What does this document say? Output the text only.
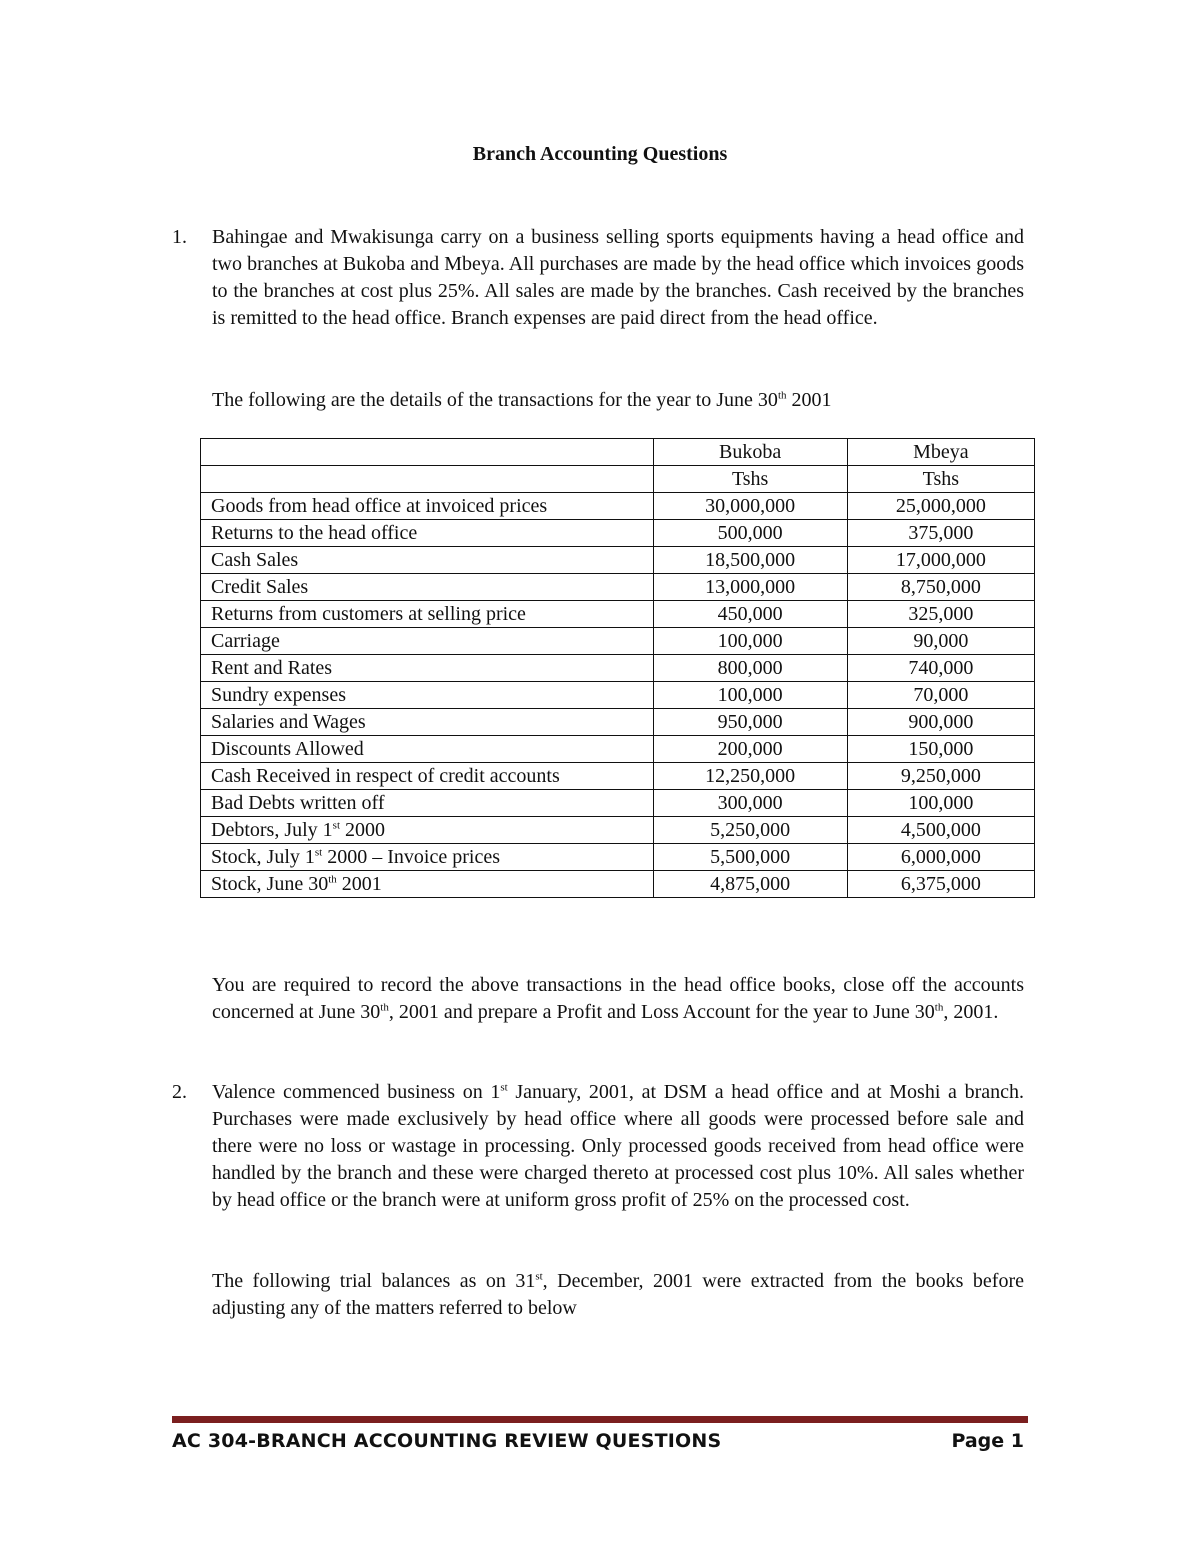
Branch Accounting Questions
1. Bahingae and Mwakisunga carry on a business selling sports equipments having a head office and two branches at Bukoba and Mbeya. All purchases are made by the head office which invoices goods to the branches at cost plus 25%. All sales are made by the branches. Cash received by the branches is remitted to the head office. Branch expenses are paid direct from the head office.

The following are the details of the transactions for the year to June 30th 2001
	Bukoba	Mbeya
	Tshs	Tshs
Goods from head office at invoiced prices	30,000,000	25,000,000
Returns to the head office	500,000	375,000
Cash Sales	18,500,000	17,000,000
Credit Sales	13,000,000	8,750,000
Returns from customers at selling price	450,000	325,000
Carriage	100,000	90,000
Rent and Rates	800,000	740,000
Sundry expenses	100,000	70,000
Salaries and Wages	950,000	900,000
Discounts Allowed	200,000	150,000
Cash Received in respect of credit accounts	12,250,000	9,250,000
Bad Debts written off	300,000	100,000
Debtors, July 1st 2000	5,250,000	4,500,000
Stock, July 1st 2000 – Invoice prices	5,500,000	6,000,000
Stock, June 30th 2001	4,875,000	6,375,000
You are required to record the above transactions in the head office books, close off the accounts concerned at June 30th, 2001 and prepare a Profit and Loss Account for the year to June 30th, 2001.
2. Valence commenced business on 1st January, 2001, at DSM a head office and at Moshi a branch. Purchases were made exclusively by head office where all goods were processed before sale and there were no loss or wastage in processing. Only processed goods received from head office were handled by the branch and these were charged thereto at processed cost plus 10%. All sales whether by head office or the branch were at uniform gross profit of 25% on the processed cost.

The following trial balances as on 31st, December, 2001 were extracted from the books before adjusting any of the matters referred to below
AC 304-BRANCH ACCOUNTING REVIEW QUESTIONS	Page 1
